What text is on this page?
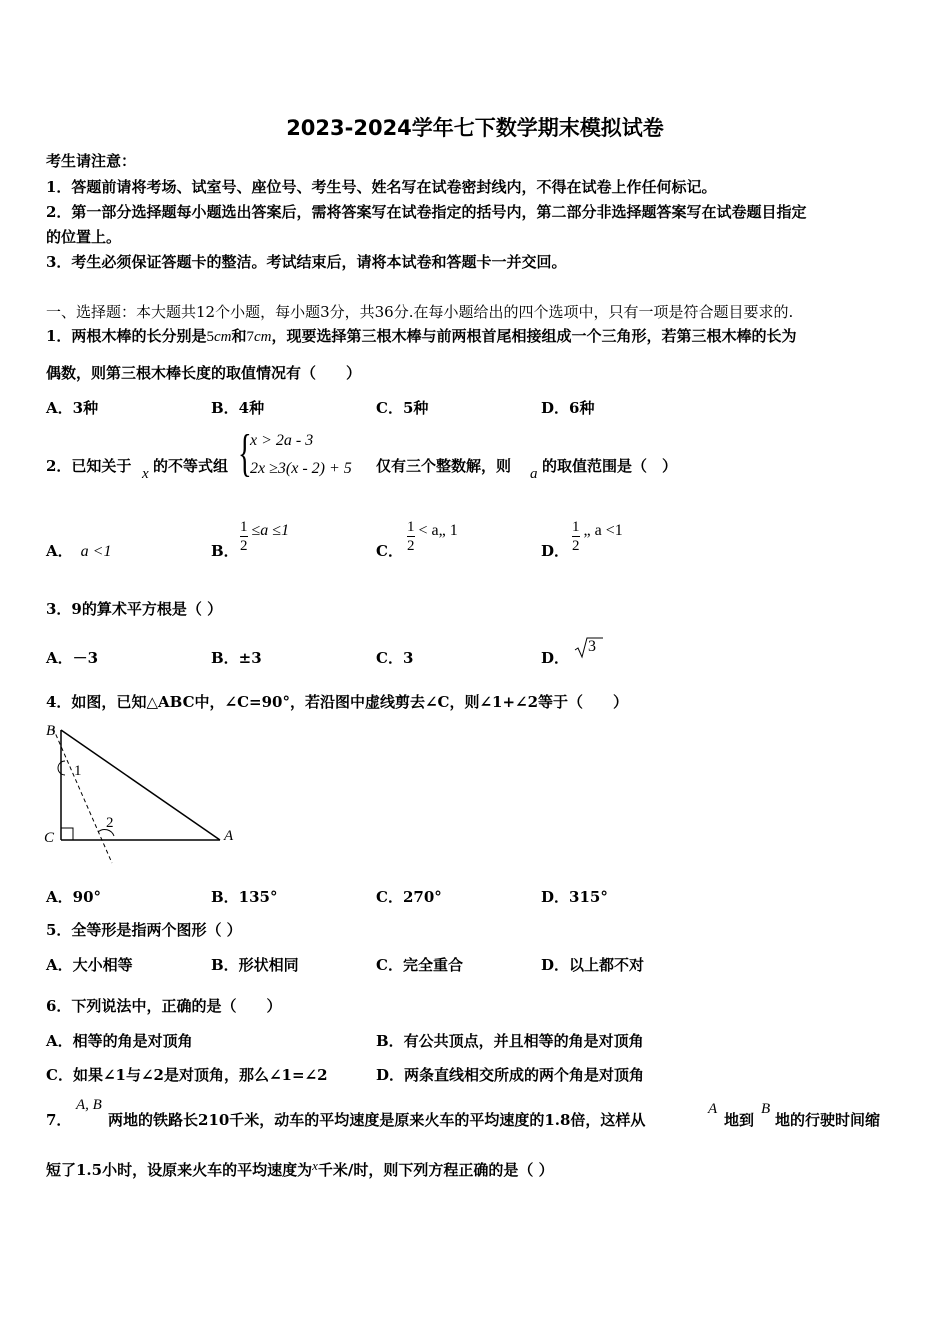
2023-2024学年七下数学期末模拟试卷
考生请注意：
1．答题前请将考场、试室号、座位号、考生号、姓名写在试卷密封线内，不得在试卷上作任何标记。
2．第一部分选择题每小题选出答案后，需将答案写在试卷指定的括号内，第二部分非选择题答案写在试卷题目指定
的位置上。
3．考生必须保证答题卡的整洁。考试结束后，请将本试卷和答题卡一并交回。
一、选择题：本大题共12个小题，每小题3分，共36分.在每小题给出的四个选项中，只有一项是符合题目要求的.
1．两根木棒的长分别是5cm和7cm，现要选择第三根木棒与前两根首尾相接组成一个三角形，若第三根木棒的长为
偶数，则第三根木棒长度的取值情况有（　　）
A．3种	B．4种	C．5种	D．6种
2．已知关于 x 的不等式组 {
x > 2a - 3
2x ≥3(x - 2) + 5 仅有三个整数解，则 a 的取值范围是（　）
A． a <1	B． $\frac{1}{2} \le a \le 1$
C． $\frac{1}{2}$ < a„ 1
D． $\frac{1}{2}$ „ a <1
3．9的算术平方根是（ ）
A．－3	B．±3	C．3	D．
3
4．如图，已知△ABC中，∠C=90°，若沿图中虚线剪去∠C，则∠1+∠2等于（　　）
B
C	A
1
2
A．90°	B．135°	C．270°	D．315°
5．全等形是指两个图形（ ）
A．大小相等	B．形状相同	C．完全重合	D．以上都不对
6．下列说法中，正确的是（　　）
A．相等的角是对顶角	B．有公共顶点，并且相等的角是对顶角
C．如果∠1与∠2是对顶角，那么∠1=∠2	D．两条直线相交所成的两个角是对顶角
7．
A, B
两地的铁路长210千米，动车的平均速度是原来火车的平均速度的1.8倍，这样从
A
地到
B
地的行驶时间缩
短了1.5小时，设原来火车的平均速度为x千米/时，则下列方程正确的是（ ）
